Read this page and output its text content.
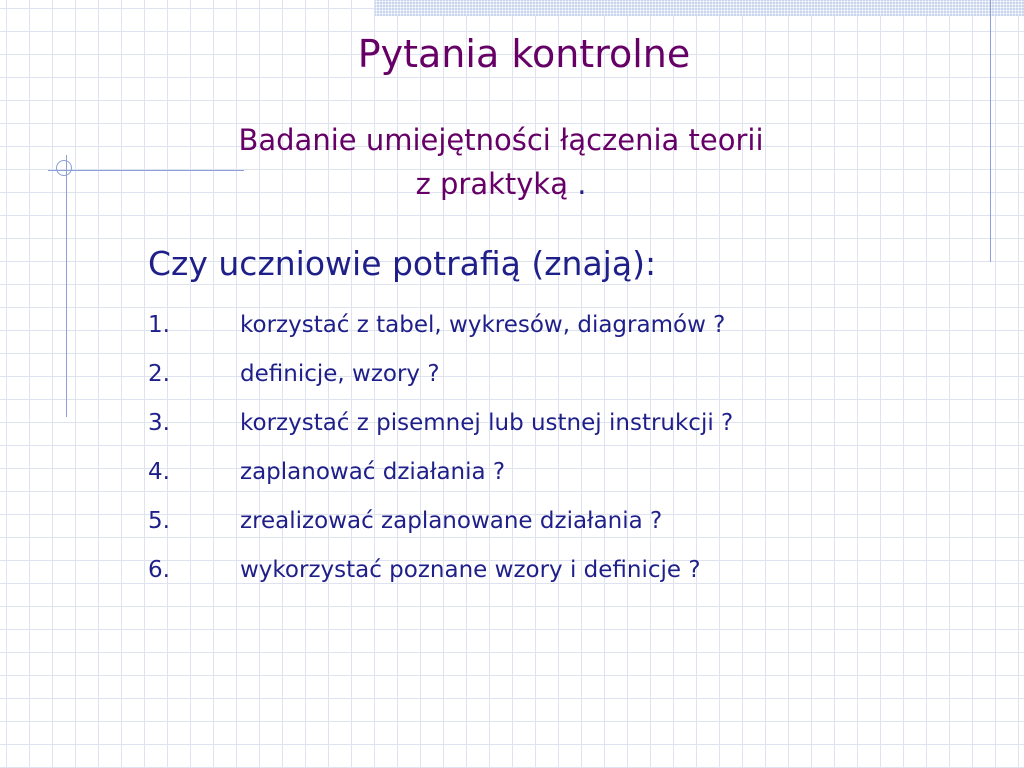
Pytania kontrolne
Badanie umiejętności łączenia teorii
z praktyką .

Czy uczniowie potrafią (znają):

1.	korzystać z tabel, wykresów, diagramów ?
2.	definicje, wzory ?
3.	korzystać z pisemnej lub ustnej instrukcji ?
4.	zaplanować działania ?
5.	zrealizować zaplanowane działania ?
6.	wykorzystać poznane wzory i definicje ?
